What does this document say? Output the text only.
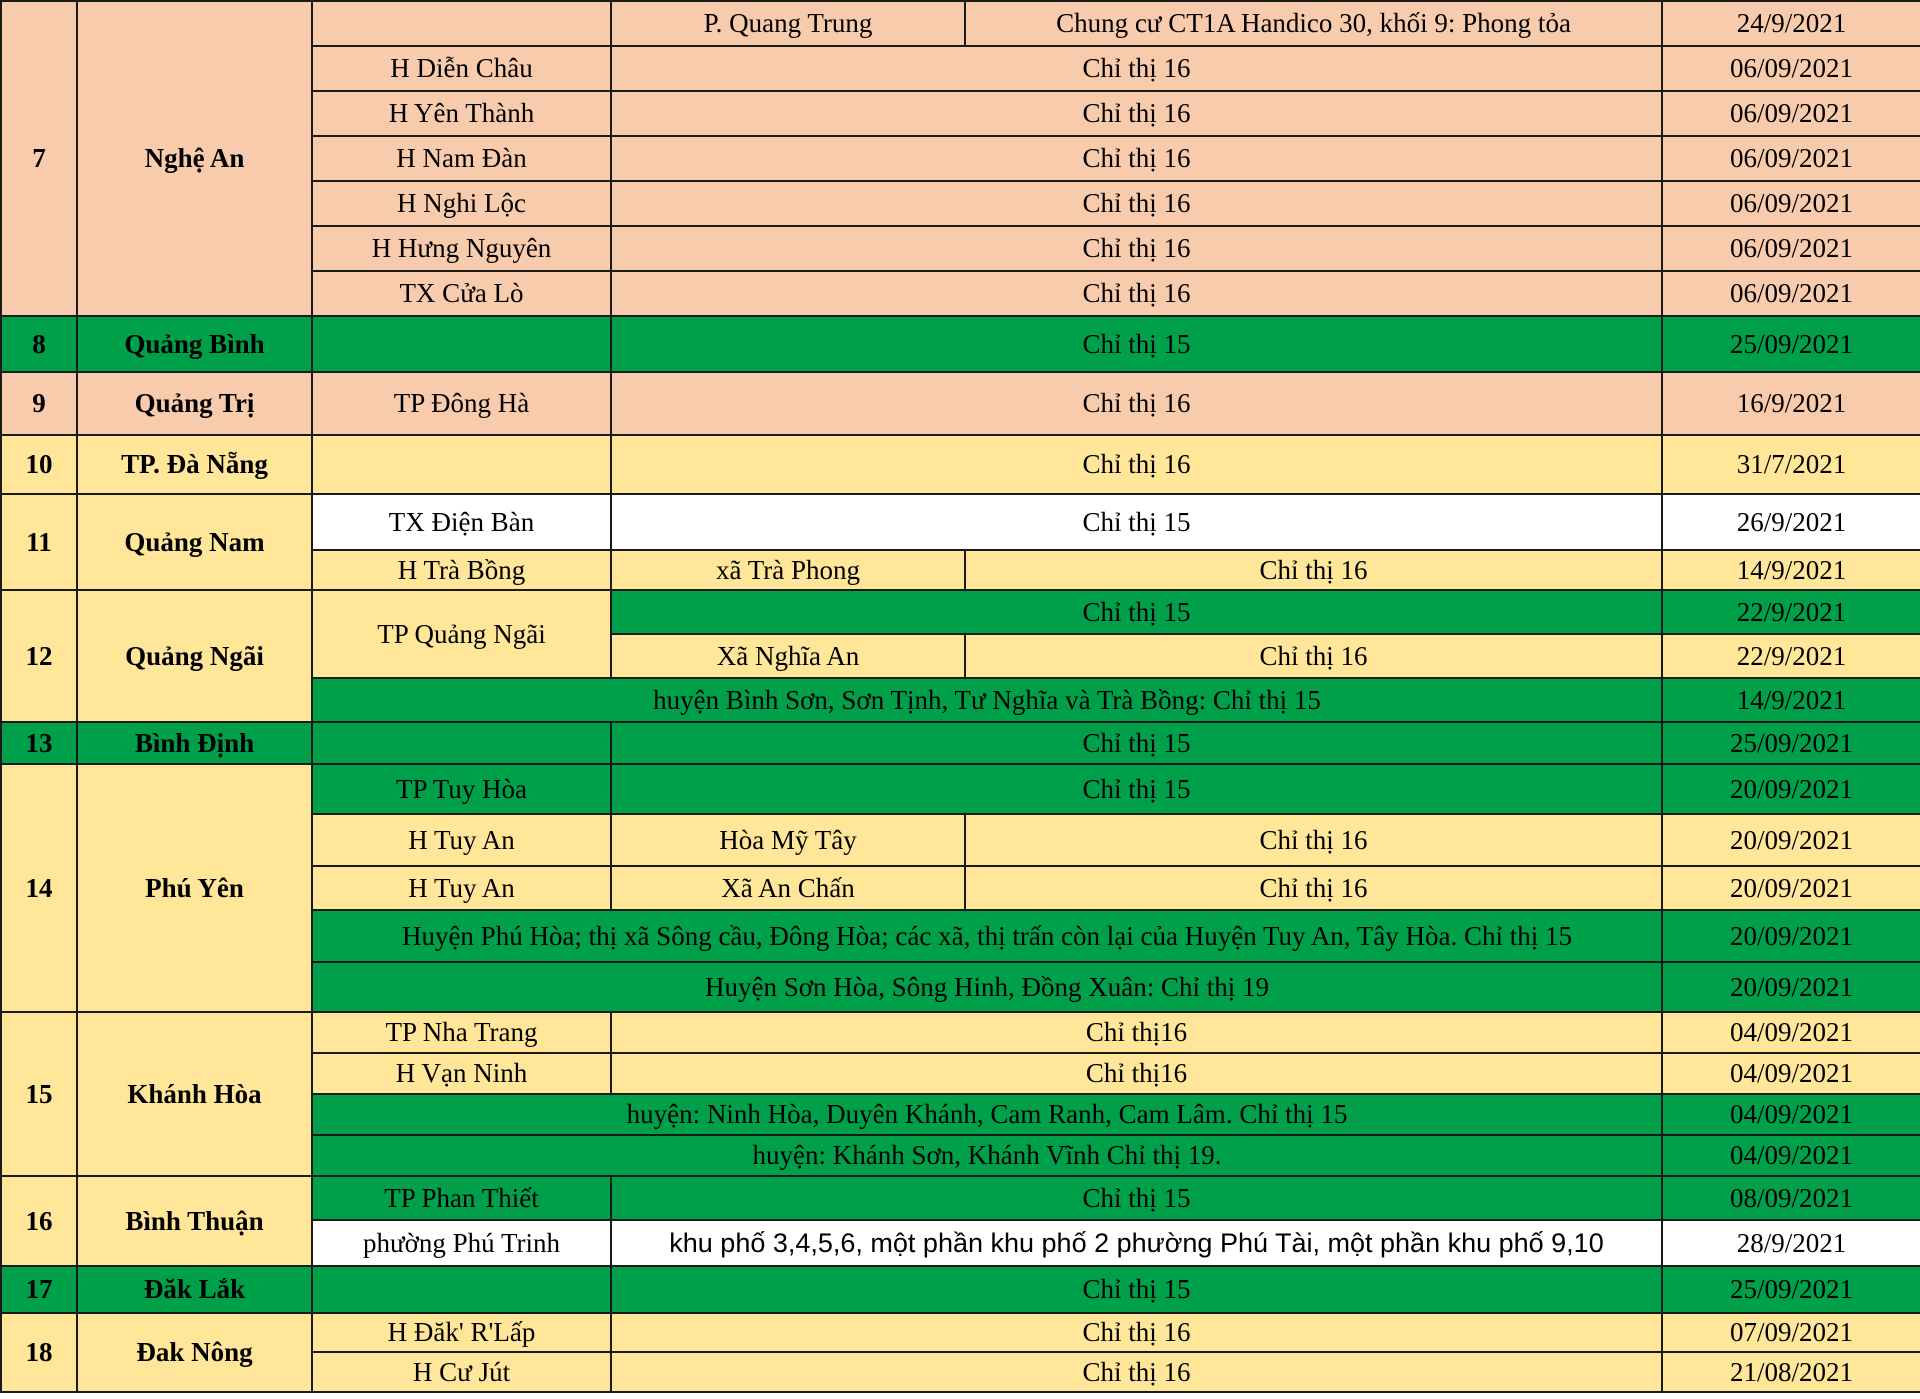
7	Nghệ An		P. Quang Trung	Chung cư CT1A Handico 30, khối 9: Phong tỏa	24/9/2021
		H Diễn Châu	Chỉ thị 16		06/09/2021
		H Yên Thành	Chỉ thị 16		06/09/2021
		H Nam Đàn	Chỉ thị 16		06/09/2021
		H Nghi Lộc	Chỉ thị 16		06/09/2021
		H Hưng Nguyên	Chỉ thị 16		06/09/2021
		TX Cửa Lò	Chỉ thị 16		06/09/2021
8	Quảng Bình		Chỉ thị 15		25/09/2021
9	Quảng Trị	TP Đông Hà	Chỉ thị 16		16/9/2021
10	TP. Đà Nẵng		Chỉ thị 16		31/7/2021
11	Quảng Nam	TX Điện Bàn	Chỉ thị 15		26/9/2021
		H Trà Bồng	xã Trà Phong	Chỉ thị 16	14/9/2021
12	Quảng Ngãi	TP Quảng Ngãi	Chỉ thị 15		22/9/2021
			Xã Nghĩa An	Chỉ thị 16	22/9/2021
		huyện Bình Sơn, Sơn Tịnh, Tư Nghĩa và Trà Bồng: Chỉ thị 15			14/9/2021
13	Bình Định		Chỉ thị 15		25/09/2021
14	Phú Yên	TP Tuy Hòa	Chỉ thị 15		20/09/2021
		H Tuy An	Hòa Mỹ Tây	Chỉ thị 16	20/09/2021
		H Tuy An	Xã An Chấn	Chỉ thị 16	20/09/2021
		Huyện Phú Hòa; thị xã Sông cầu, Đông Hòa; các xã, thị trấn còn lại của Huyện Tuy An, Tây Hòa. Chỉ thị 15			20/09/2021
		Huyện Sơn Hòa, Sông Hinh, Đồng Xuân: Chỉ thị 19			20/09/2021
15	Khánh Hòa	TP Nha Trang	Chỉ thị16		04/09/2021
		H Vạn Ninh	Chỉ thị16		04/09/2021
		huyện: Ninh Hòa, Duyên Khánh, Cam Ranh, Cam Lâm. Chỉ thị 15			04/09/2021
		huyện: Khánh Sơn, Khánh Vĩnh Chỉ thị 19.			04/09/2021
16	Bình Thuận	TP Phan Thiết	Chỉ thị 15		08/09/2021
		phường Phú Trinh	khu phố 3,4,5,6, một phần khu phố 2 phường Phú Tài, một phần khu phố 9,10		28/9/2021
17	Đăk Lắk		Chỉ thị 15		25/09/2021
18	Đak Nông	H Đăk' R'Lấp	Chỉ thị 16		07/09/2021
		H Cư Jút	Chỉ thị 16		21/08/2021
